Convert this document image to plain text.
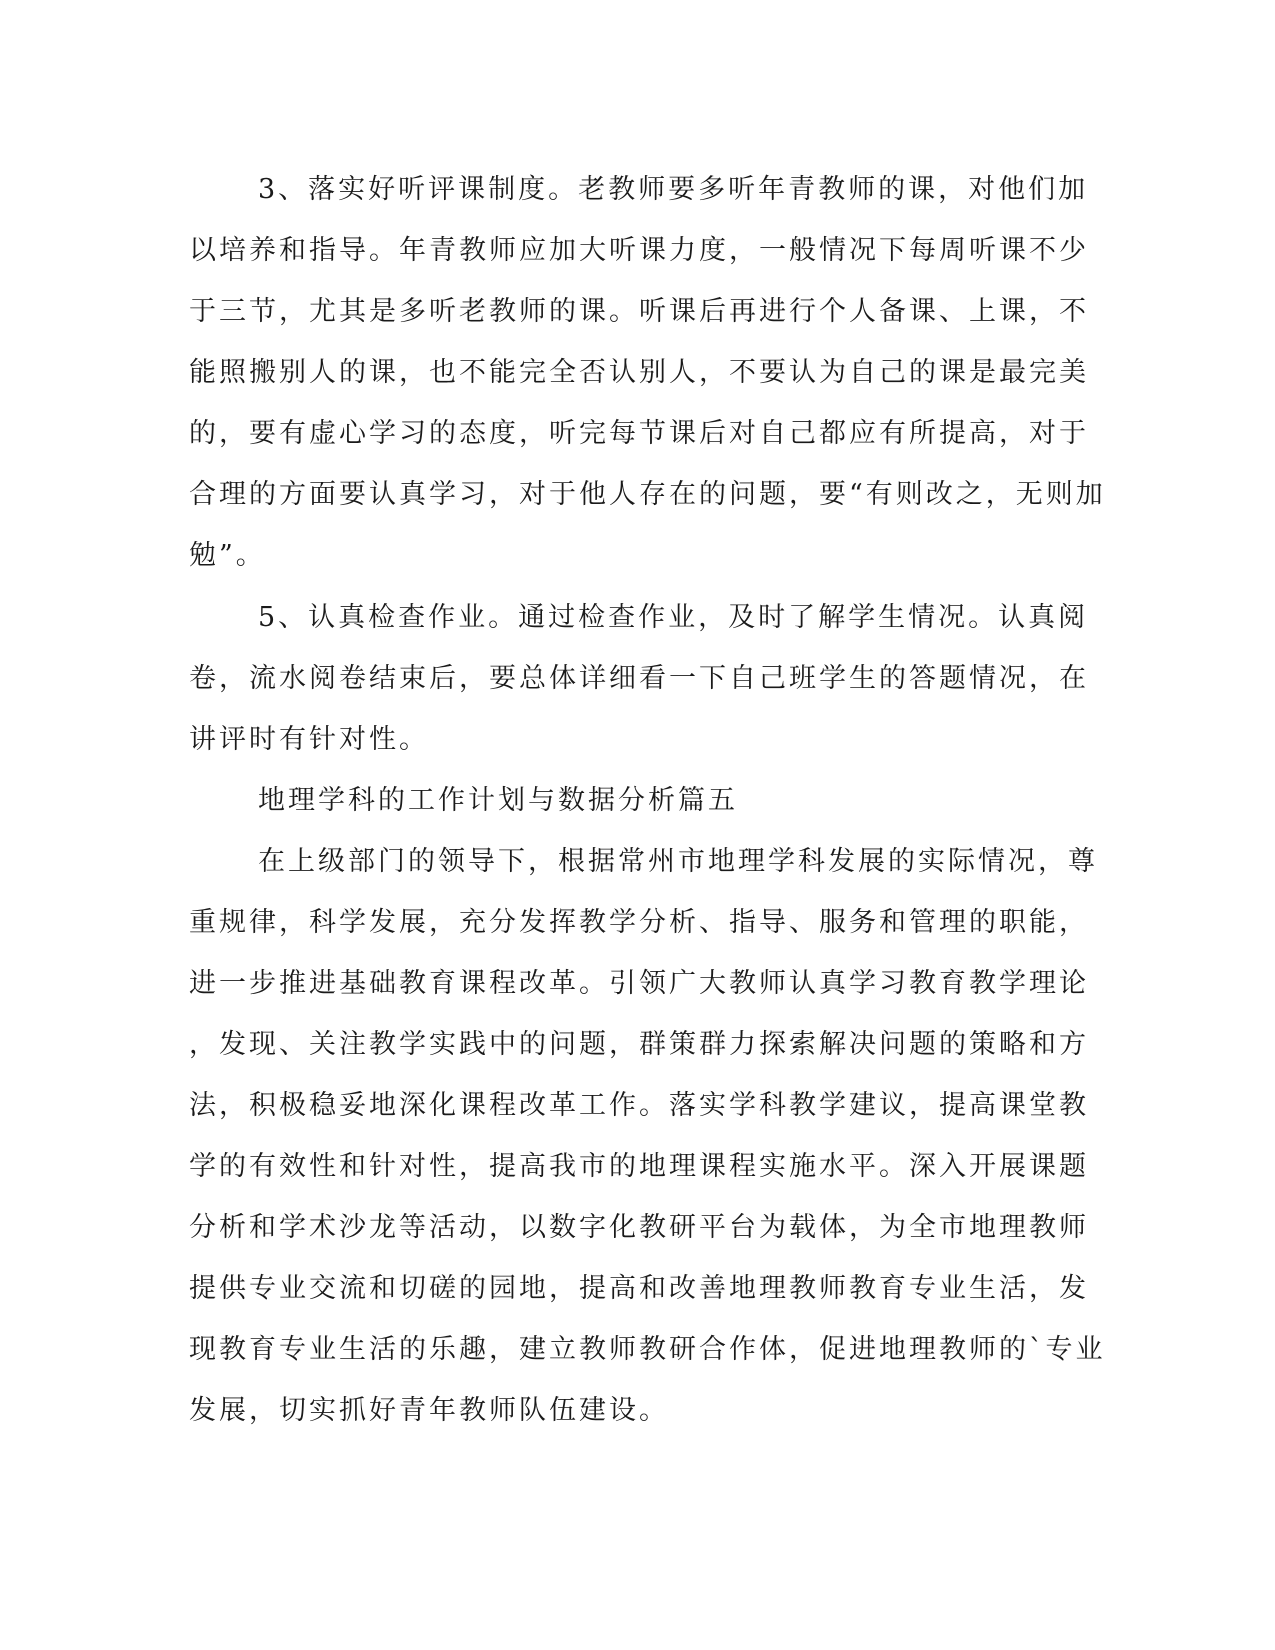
3、落实好听评课制度。老教师要多听年青教师的课，对他们加
以培养和指导。年青教师应加大听课力度，一般情况下每周听课不少
于三节，尤其是多听老教师的课。听课后再进行个人备课、上课，不
能照搬别人的课，也不能完全否认别人，不要认为自己的课是最完美
的，要有虚心学习的态度，听完每节课后对自己都应有所提高，对于
合理的方面要认真学习，对于他人存在的问题，要“有则改之，无则加
勉”。
5、认真检查作业。通过检查作业，及时了解学生情况。认真阅
卷，流水阅卷结束后，要总体详细看一下自己班学生的答题情况，在
讲评时有针对性。
地理学科的工作计划与数据分析篇五
在上级部门的领导下，根据常州市地理学科发展的实际情况，尊
重规律，科学发展，充分发挥教学分析、指导、服务和管理的职能，
进一步推进基础教育课程改革。引领广大教师认真学习教育教学理论
，发现、关注教学实践中的问题，群策群力探索解决问题的策略和方
法，积极稳妥地深化课程改革工作。落实学科教学建议，提高课堂教
学的有效性和针对性，提高我市的地理课程实施水平。深入开展课题
分析和学术沙龙等活动，以数字化教研平台为载体，为全市地理教师
提供专业交流和切磋的园地，提高和改善地理教师教育专业生活，发
现教育专业生活的乐趣，建立教师教研合作体，促进地理教师的`专业
发展，切实抓好青年教师队伍建设。
